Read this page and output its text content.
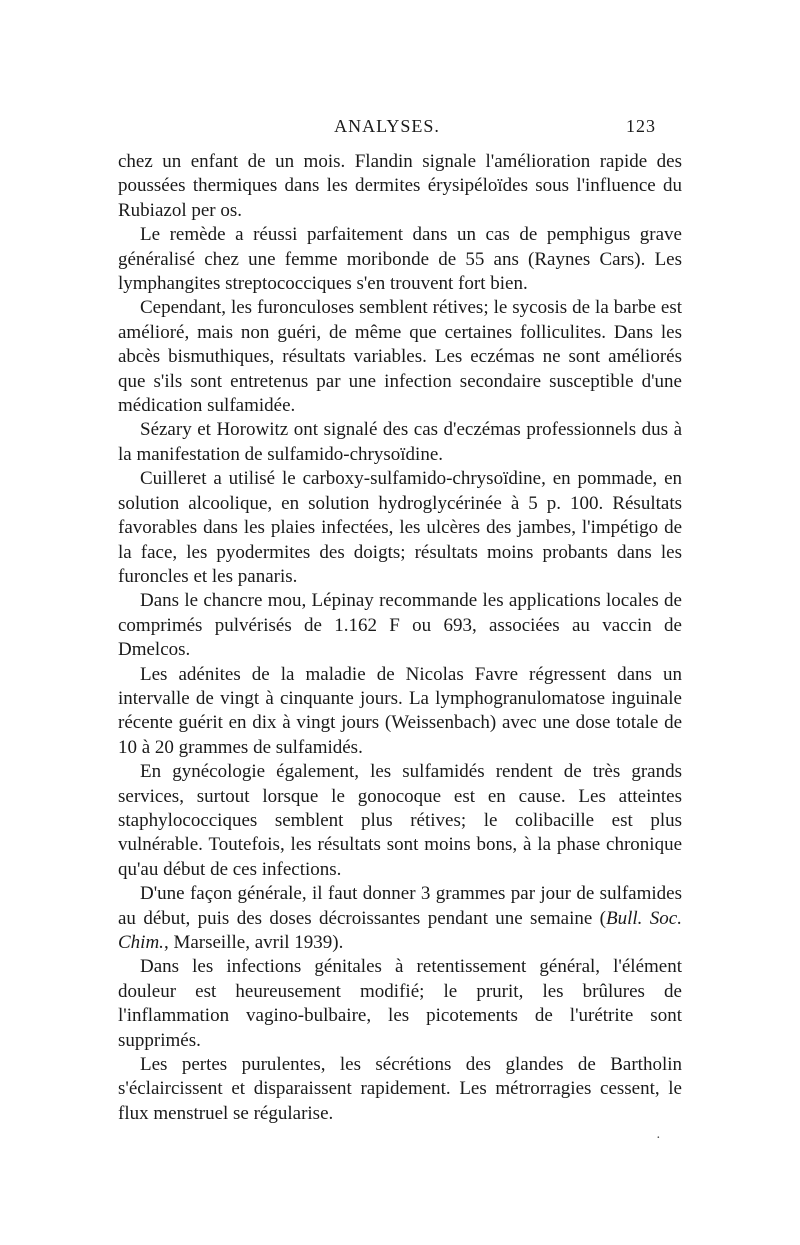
ANALYSES.	123

chez un enfant de un mois. Flandin signale l'amélioration rapide des poussées thermiques dans les dermites érysipéloïdes sous l'influence du Rubiazol per os.

Le remède a réussi parfaitement dans un cas de pemphigus grave généralisé chez une femme moribonde de 55 ans (Raynes Cars). Les lymphangites streptococciques s'en trouvent fort bien.

Cependant, les furonculoses semblent rétives; le sycosis de la barbe est amélioré, mais non guéri, de même que certaines folliculites. Dans les abcès bismuthiques, résultats variables. Les eczémas ne sont améliorés que s'ils sont entretenus par une infection secondaire susceptible d'une médication sulfamidée.

Sézary et Horowitz ont signalé des cas d'eczémas professionnels dus à la manifestation de sulfamido-chrysoïdine.

Cuilleret a utilisé le carboxy-sulfamido-chrysoïdine, en pommade, en solution alcoolique, en solution hydroglycérinée à 5 p. 100. Résultats favorables dans les plaies infectées, les ulcères des jambes, l'impétigo de la face, les pyodermites des doigts; résultats moins probants dans les furoncles et les panaris.

Dans le chancre mou, Lépinay recommande les applications locales de comprimés pulvérisés de 1.162 F ou 693, associées au vaccin de Dmelcos.

Les adénites de la maladie de Nicolas Favre régressent dans un intervalle de vingt à cinquante jours. La lymphogranulomatose inguinale récente guérit en dix à vingt jours (Weissenbach) avec une dose totale de 10 à 20 grammes de sulfamidés.

En gynécologie également, les sulfamidés rendent de très grands services, surtout lorsque le gonocoque est en cause. Les atteintes staphylococciques semblent plus rétives; le colibacille est plus vulnérable. Toutefois, les résultats sont moins bons, à la phase chronique qu'au début de ces infections.

D'une façon générale, il faut donner 3 grammes par jour de sulfamides au début, puis des doses décroissantes pendant une semaine (Bull. Soc. Chim., Marseille, avril 1939).

Dans les infections génitales à retentissement général, l'élément douleur est heureusement modifié; le prurit, les brûlures de l'inflammation vagino-bulbaire, les picotements de l'urétrite sont supprimés.

Les pertes purulentes, les sécrétions des glandes de Bartholin s'éclaircissent et disparaissent rapidement. Les métrorragies cessent, le flux menstruel se régularise.

·
